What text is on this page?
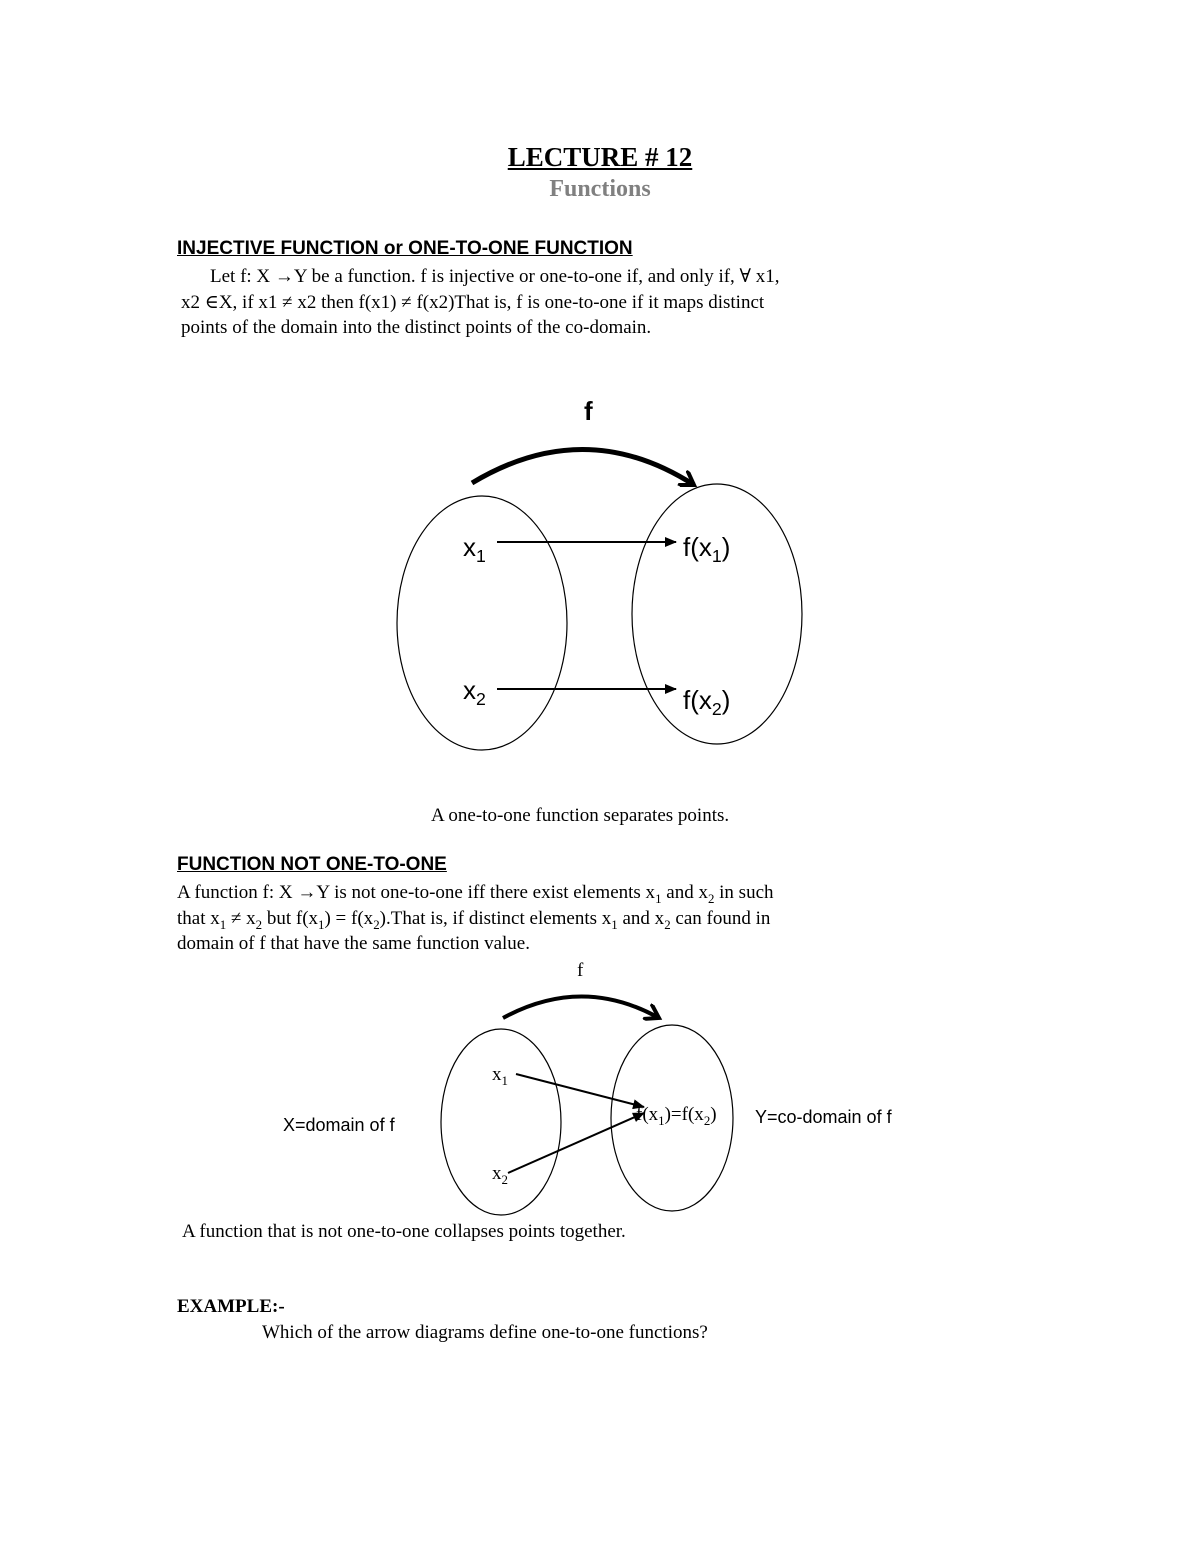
LECTURE # 12
Functions
INJECTIVE FUNCTION or ONE-TO-ONE FUNCTION
Let f: X →Y be a function. f is injective or one-to-one if, and only if, ∀ x1,
x2 ∈X, if x1 ≠ x2 then f(x1) ≠ f(x2)That is, f is one-to-one if it maps distinct
points of the domain into the distinct points of the co-domain.
f
$x_1$
$x_2$
$f(x_1)$
$f(x_2)$
A one-to-one function separates points.
FUNCTION NOT ONE-TO-ONE
A function f: X →Y is not one-to-one iff there exist elements $x_1$ and $x_2$ in such
that $x_1 \ne x_2$ but $f(x_1)$ = $f(x_2).That$ is, if distinct elements $x_1$ and $x_2$ can found in
domain of f that have the same function value.
f
$x_1$
$x_2$
$f(x_1)=f(x_2)$
X=domain of f	Y=co-domain of f
A function that is not one-to-one collapses points together.
EXAMPLE:-
Which of the arrow diagrams define one-to-one functions?
